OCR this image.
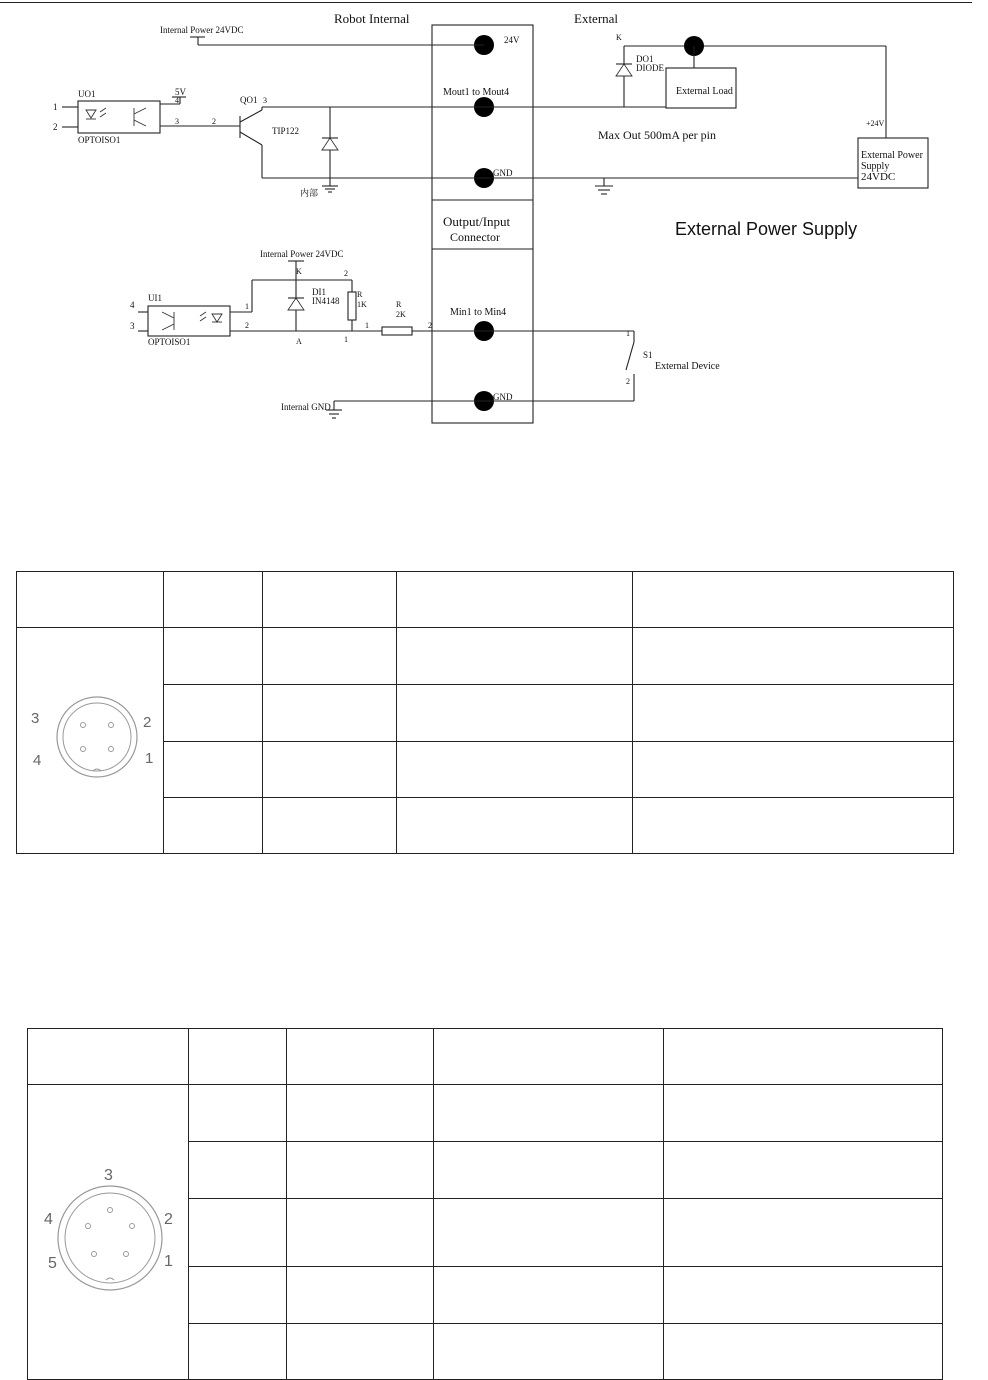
Robot Internal	External
Output/Input
Connector
24V
Mout1 to Mout4
GND
Min1 to Min4
GND
Internal Power 24VDC
UO1
OPTOISO1
1
2
5V
4
3	2
QO1 3
TIP122
内部
DO1
DIODE
K
External Load
Max Out 500mA per pin
+24V
External Power
Supply
24VDC
External Power Supply
Internal Power 24VDC
K
A
DI1
IN4148
2
R
1K
1
UI1
OPTOISO1
4
3
1
2	1
R
2K
2
1
2
S1
External Device
Internal GND

3 2
4 1				

3
4 2
5 1				
